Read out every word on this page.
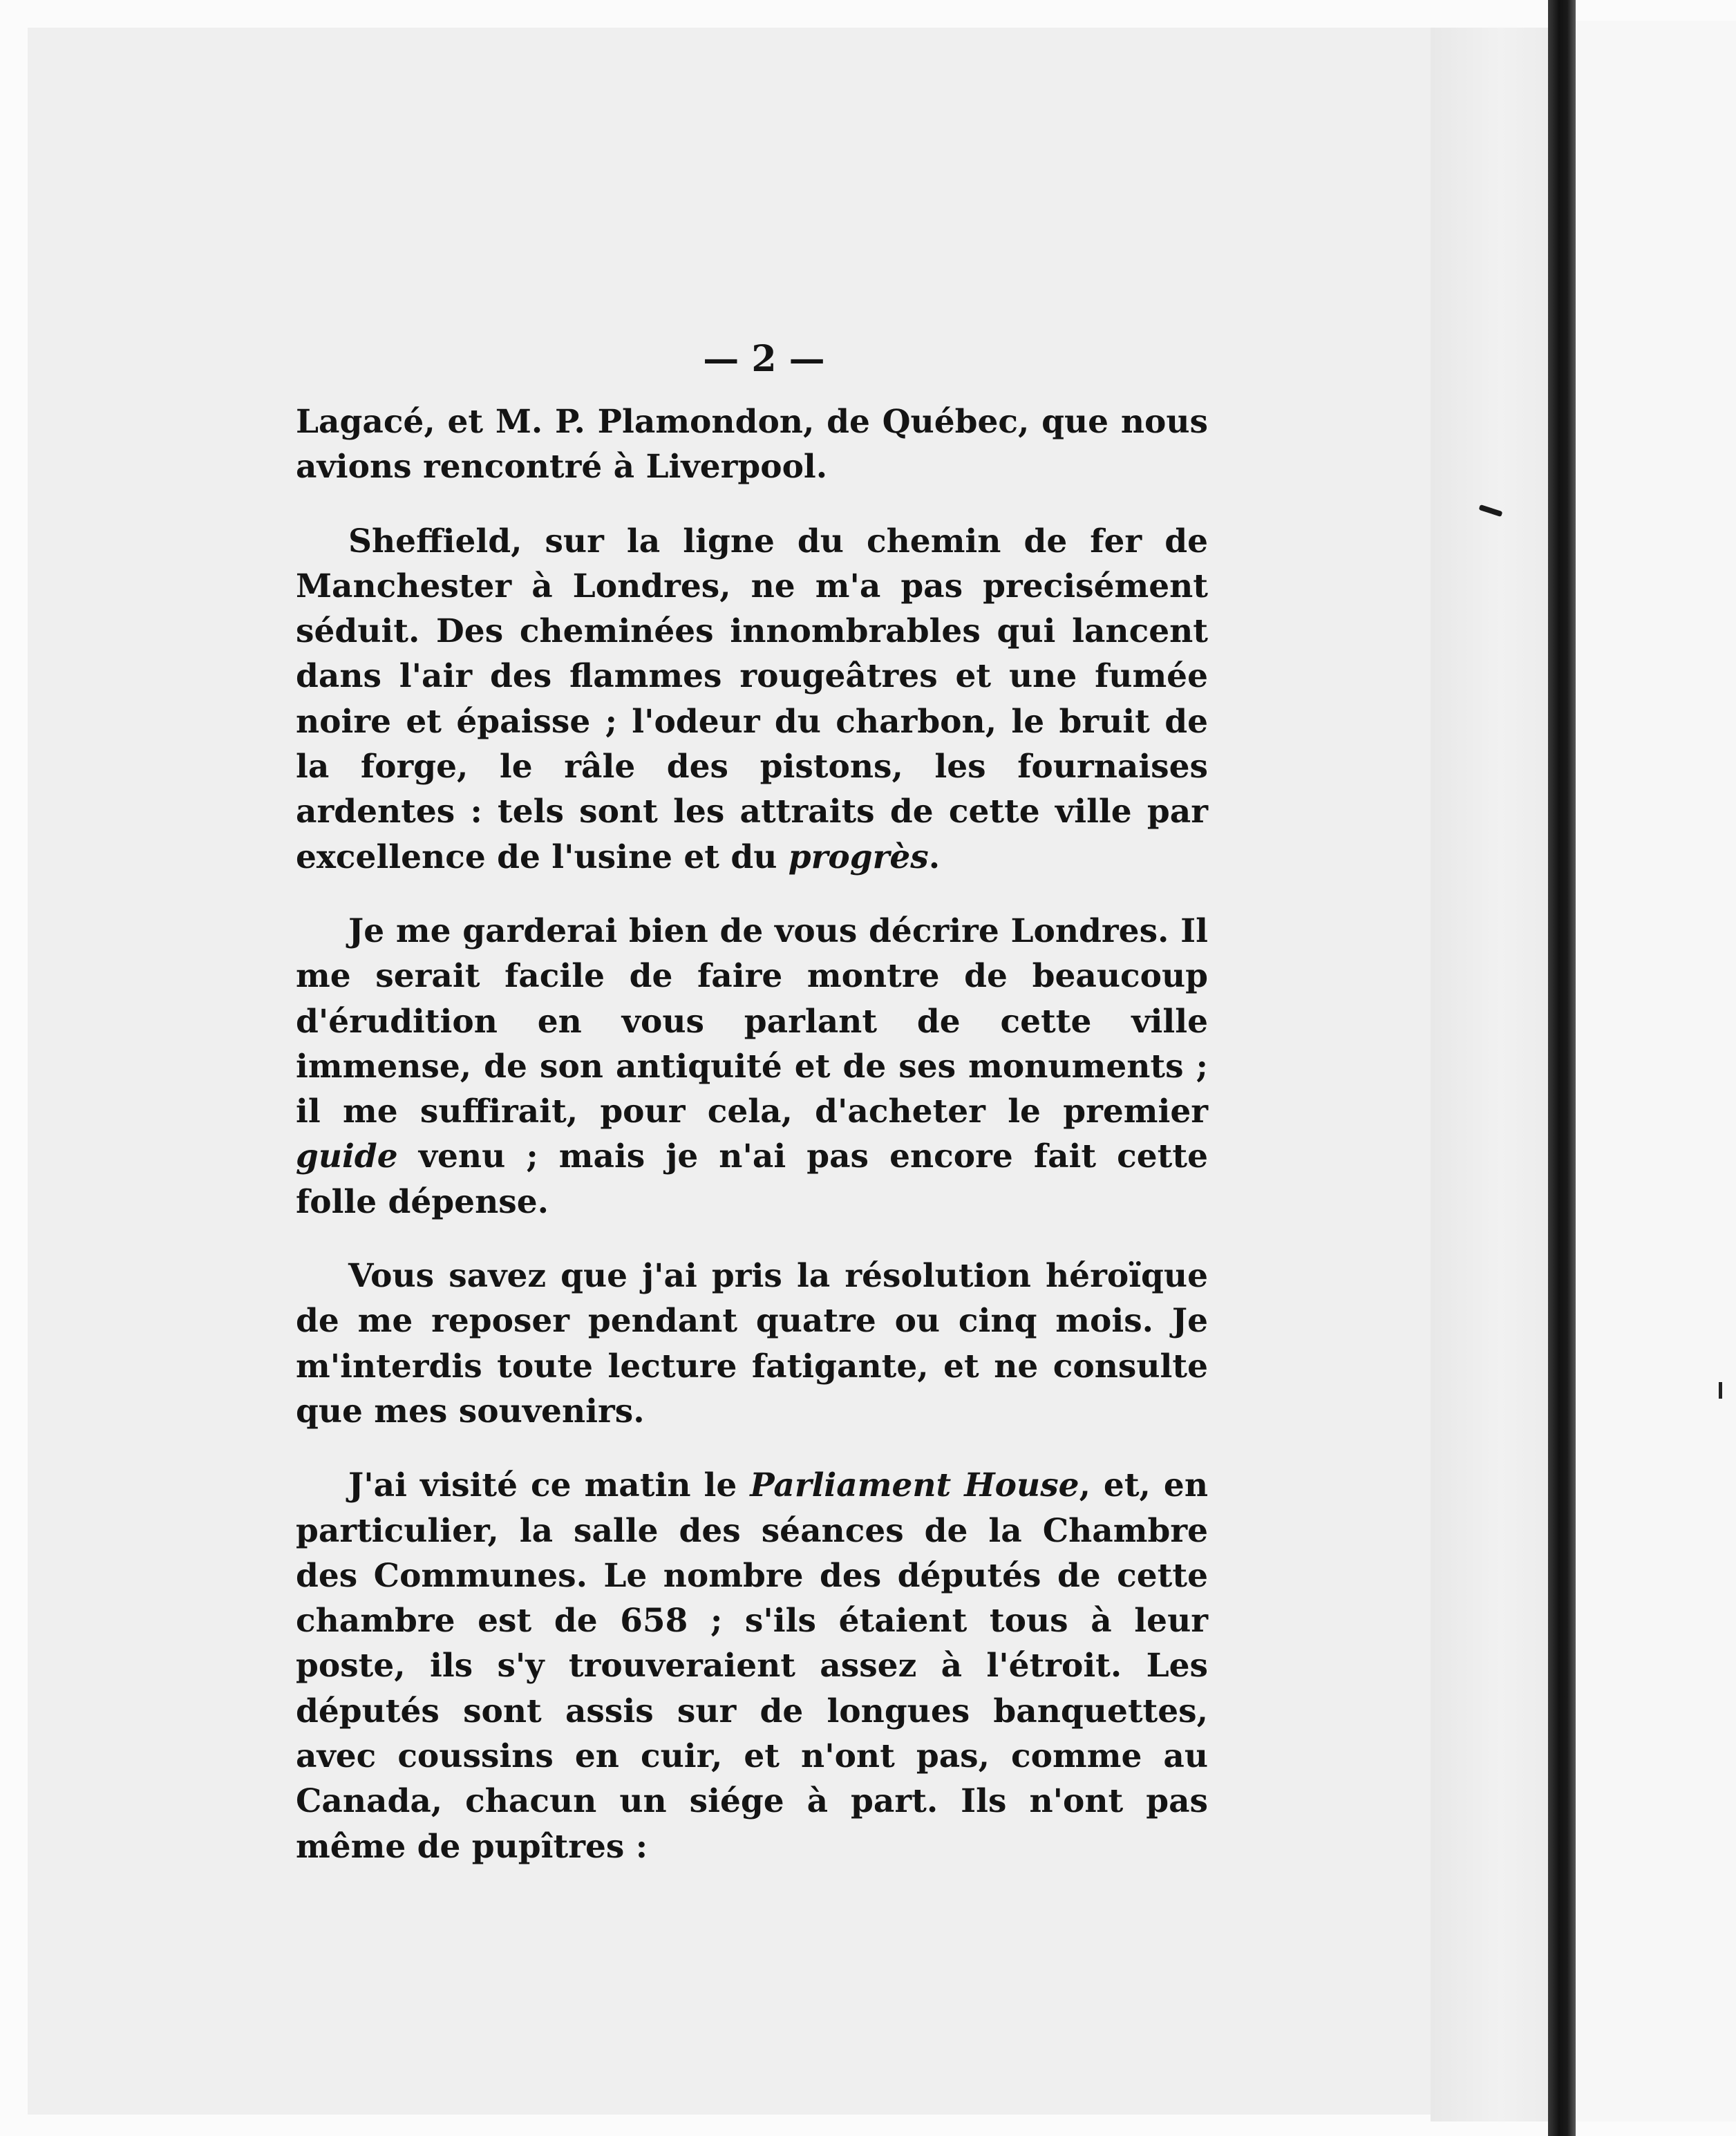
— 2 —

Lagacé, et M. P. Plamondon, de Québec, que nous avions rencontré à Liverpool.

Sheffield, sur la ligne du chemin de fer de Manchester à Londres, ne m'a pas precisément séduit. Des cheminées innombrables qui lancent dans l'air des flammes rougeâtres et une fumée noire et épaisse ; l'odeur du charbon, le bruit de la forge, le râle des pistons, les fournaises ardentes : tels sont les attraits de cette ville par excellence de l'usine et du progrès.

Je me garderai bien de vous décrire Londres. Il me serait facile de faire montre de beaucoup d'érudition en vous parlant de cette ville immense, de son antiquité et de ses monuments ; il me suffirait, pour cela, d'acheter le premier guide venu ; mais je n'ai pas encore fait cette folle dépense.

Vous savez que j'ai pris la résolution héroïque de me reposer pendant quatre ou cinq mois. Je m'interdis toute lecture fatigante, et ne consulte que mes souvenirs.

J'ai visité ce matin le Parliament House, et, en particulier, la salle des séances de la Chambre des Communes. Le nombre des députés de cette chambre est de 658 ; s'ils étaient tous à leur poste, ils s'y trouveraient assez à l'étroit. Les députés sont assis sur de longues banquettes, avec coussins en cuir, et n'ont pas, comme au Canada, chacun un siége à part. Ils n'ont pas même de pupîtres :
